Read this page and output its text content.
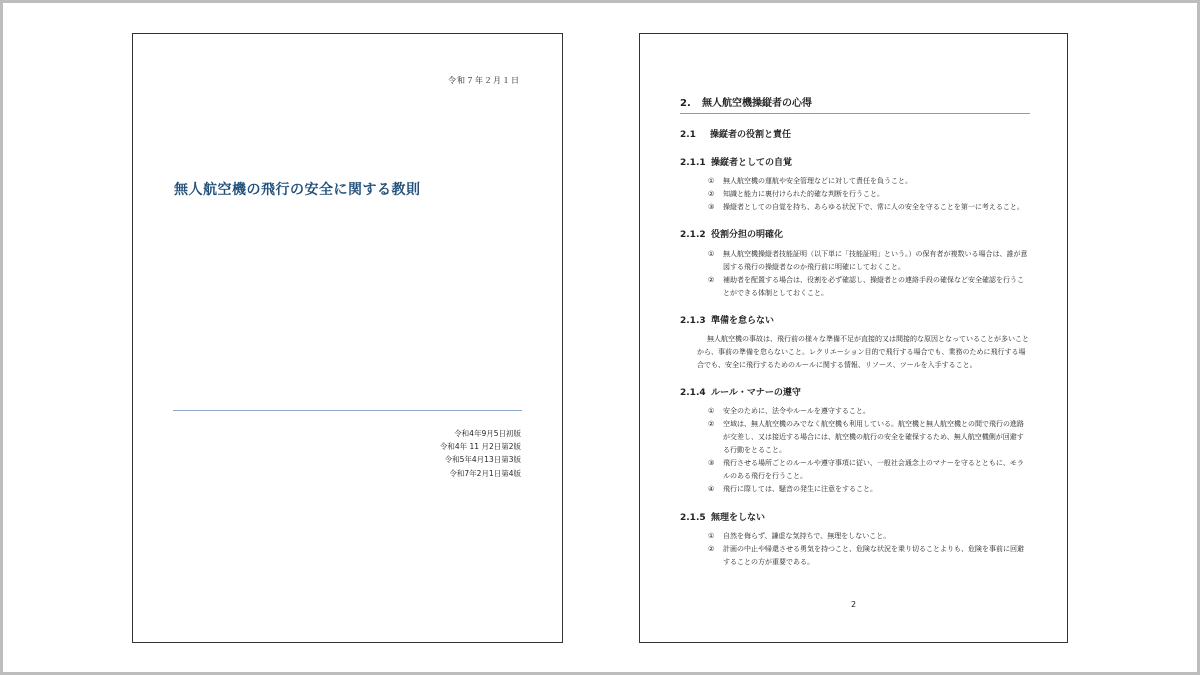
令和７年２月１日
無人航空機の飛行の安全に関する教則
令和4年9月5日初版
令和4年 11 月2日第2版
令和5年4月13日第3版
令和7年2月1日第4版
2. 無人航空機操縦者の心得
2.1 操縦者の役割と責任
2.1.1 操縦者としての自覚
①	無人航空機の運航や安全管理などに対して責任を負うこと。
②	知識と能力に裏付けられた的確な判断を行うこと。
③	操縦者としての自覚を持ち、あらゆる状況下で、常に人の安全を守ることを第一に考えること。
2.1.2 役割分担の明確化
①	無人航空機操縦者技能証明（以下単に「技能証明」という。）の保有者が複数いる場合は、誰が意図する飛行の操縦者なのか飛行前に明確にしておくこと。
②	補助者を配置する場合は、役割を必ず確認し、操縦者との連絡手段の確保など安全確認を行うことができる体制としておくこと。
2.1.3 準備を怠らない
無人航空機の事故は、飛行前の様々な準備不足が直接的又は間接的な原因となっていることが多いことから、事前の準備を怠らないこと。レクリエーション目的で飛行する場合でも、業務のために飛行する場合でも、安全に飛行するためのルールに関する情報、リソース、ツールを入手すること。
2.1.4 ルール・マナーの遵守
①	安全のために、法令やルールを遵守すること。
②	空域は、無人航空機のみでなく航空機も利用している。航空機と無人航空機との間で飛行の進路が交差し、又は接近する場合には、航空機の航行の安全を確保するため、無人航空機側が回避する行動をとること。
③	飛行させる場所ごとのルールや遵守事項に従い、一般社会通念上のマナーを守るとともに、モラルのある飛行を行うこと。
④	飛行に際しては、騒音の発生に注意をすること。
2.1.5 無理をしない
①	自然を侮らず、謙虚な気持ちで、無理をしないこと。
②	計画の中止や帰還させる勇気を持つこと、危険な状況を乗り切ることよりも、危険を事前に回避することの方が重要である。
2
